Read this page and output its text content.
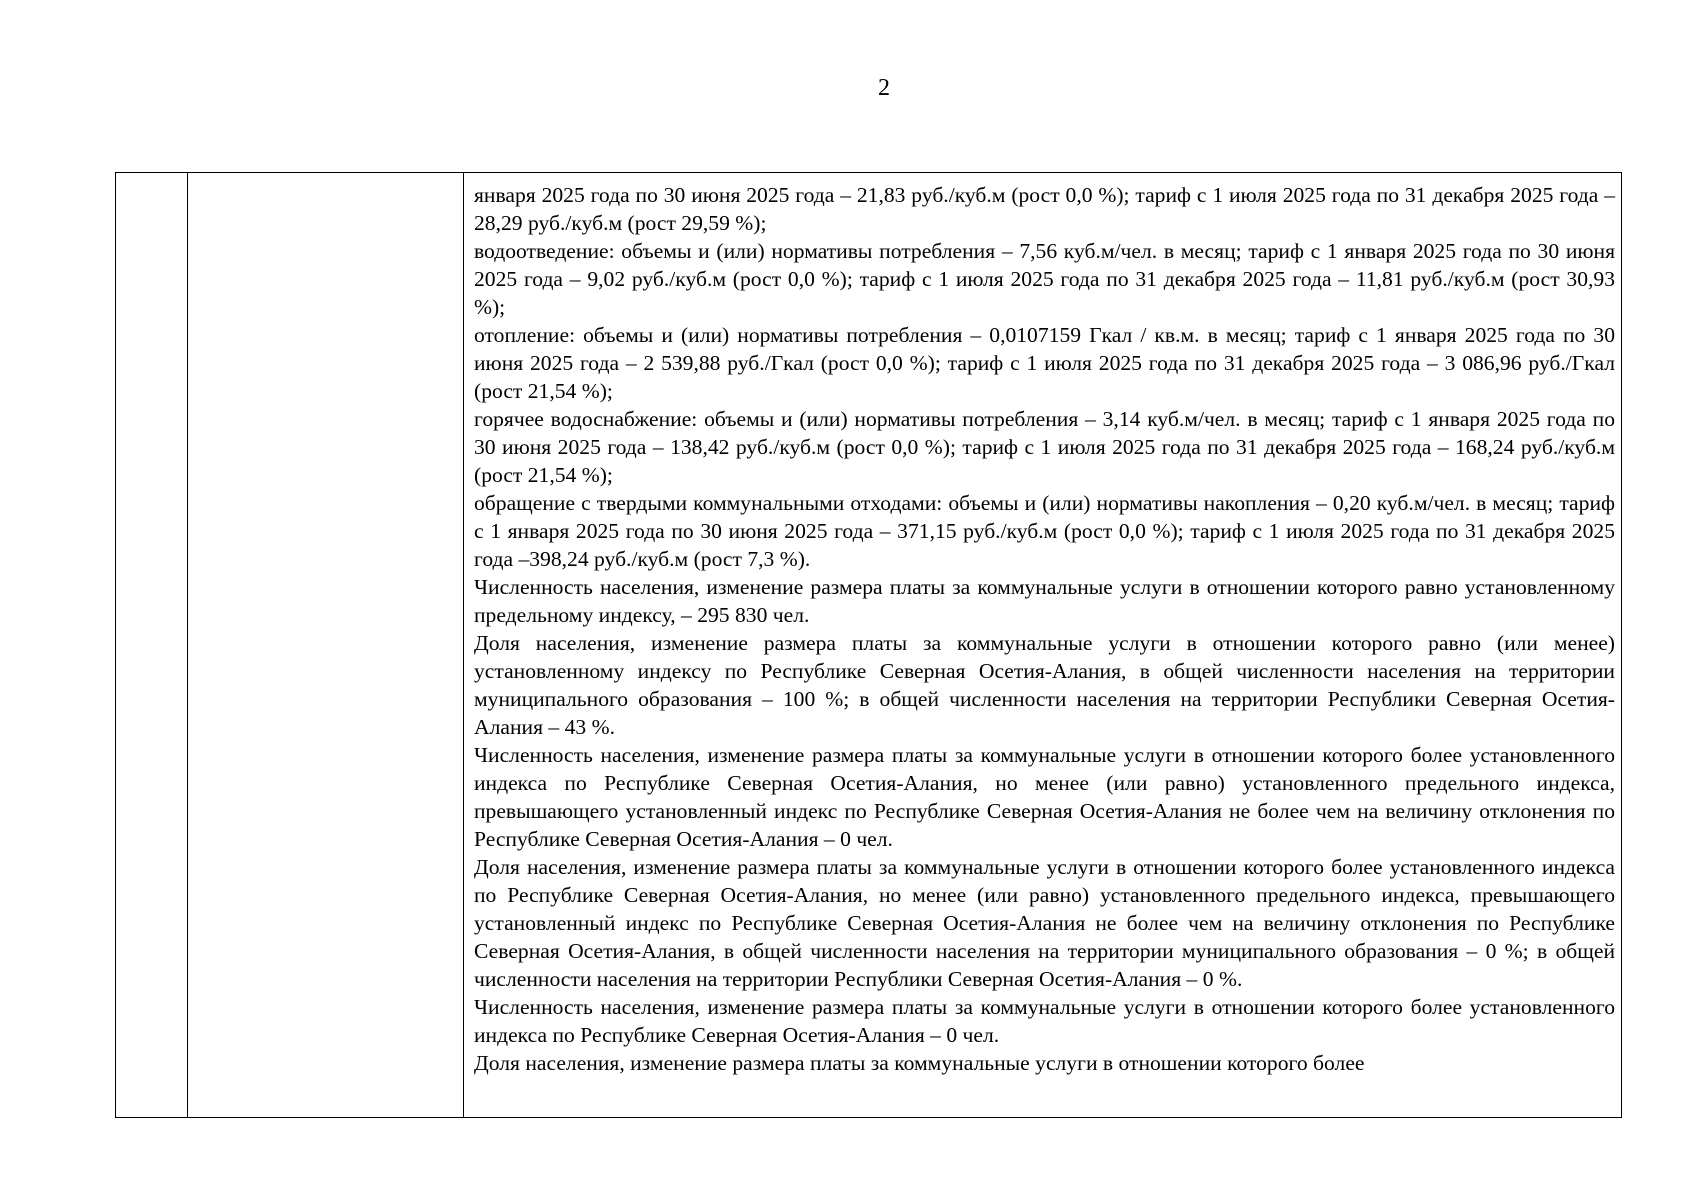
2

января 2025 года по 30 июня 2025 года – 21,83 руб./куб.м (рост 0,0 %); тариф с 1 июля 2025 года по 31 декабря 2025 года – 28,29 руб./куб.м (рост 29,59 %);

водоотведение: объемы и (или) нормативы потребления – 7,56 куб.м/чел. в месяц; тариф с 1 января 2025 года по 30 июня 2025 года – 9,02 руб./куб.м (рост 0,0 %); тариф с 1 июля 2025 года по 31 декабря 2025 года – 11,81 руб./куб.м (рост 30,93 %);

отопление: объемы и (или) нормативы потребления – 0,0107159 Гкал / кв.м. в месяц; тариф с 1 января 2025 года по 30 июня 2025 года – 2 539,88 руб./Гкал (рост 0,0 %); тариф с 1 июля 2025 года по 31 декабря 2025 года – 3 086,96 руб./Гкал (рост 21,54 %);

горячее водоснабжение: объемы и (или) нормативы потребления – 3,14 куб.м/чел. в месяц; тариф с 1 января 2025 года по 30 июня 2025 года – 138,42 руб./куб.м (рост 0,0 %); тариф с 1 июля 2025 года по 31 декабря 2025 года – 168,24 руб./куб.м (рост 21,54 %);

обращение с твердыми коммунальными отходами: объемы и (или) нормативы накопления – 0,20 куб.м/чел. в месяц; тариф с 1 января 2025 года по 30 июня 2025 года – 371,15 руб./куб.м (рост 0,0 %); тариф с 1 июля 2025 года по 31 декабря 2025 года –398,24 руб./куб.м (рост 7,3 %).

Численность населения, изменение размера платы за коммунальные услуги в отношении которого равно установленному предельному индексу, – 295 830 чел.

Доля населения, изменение размера платы за коммунальные услуги в отношении которого равно (или менее) установленному индексу по Республике Северная Осетия-Алания, в общей численности населения на территории муниципального образования – 100 %; в общей численности населения на территории Республики Северная Осетия-Алания – 43 %.

Численность населения, изменение размера платы за коммунальные услуги в отношении которого более установленного индекса по Республике Северная Осетия-Алания, но менее (или равно) установленного предельного индекса, превышающего установленный индекс по Республике Северная Осетия-Алания не более чем на величину отклонения по Республике Северная Осетия-Алания – 0 чел.

Доля населения, изменение размера платы за коммунальные услуги в отношении которого более установленного индекса по Республике Северная Осетия-Алания, но менее (или равно) установленного предельного индекса, превышающего установленный индекс по Республике Северная Осетия-Алания не более чем на величину отклонения по Республике Северная Осетия-Алания, в общей численности населения на территории муниципального образования – 0 %; в общей численности населения на территории Республики Северная Осетия-Алания – 0 %.

Численность населения, изменение размера платы за коммунальные услуги в отношении которого более установленного индекса по Республике Северная Осетия-Алания – 0 чел.

Доля населения, изменение размера платы за коммунальные услуги в отношении которого более
